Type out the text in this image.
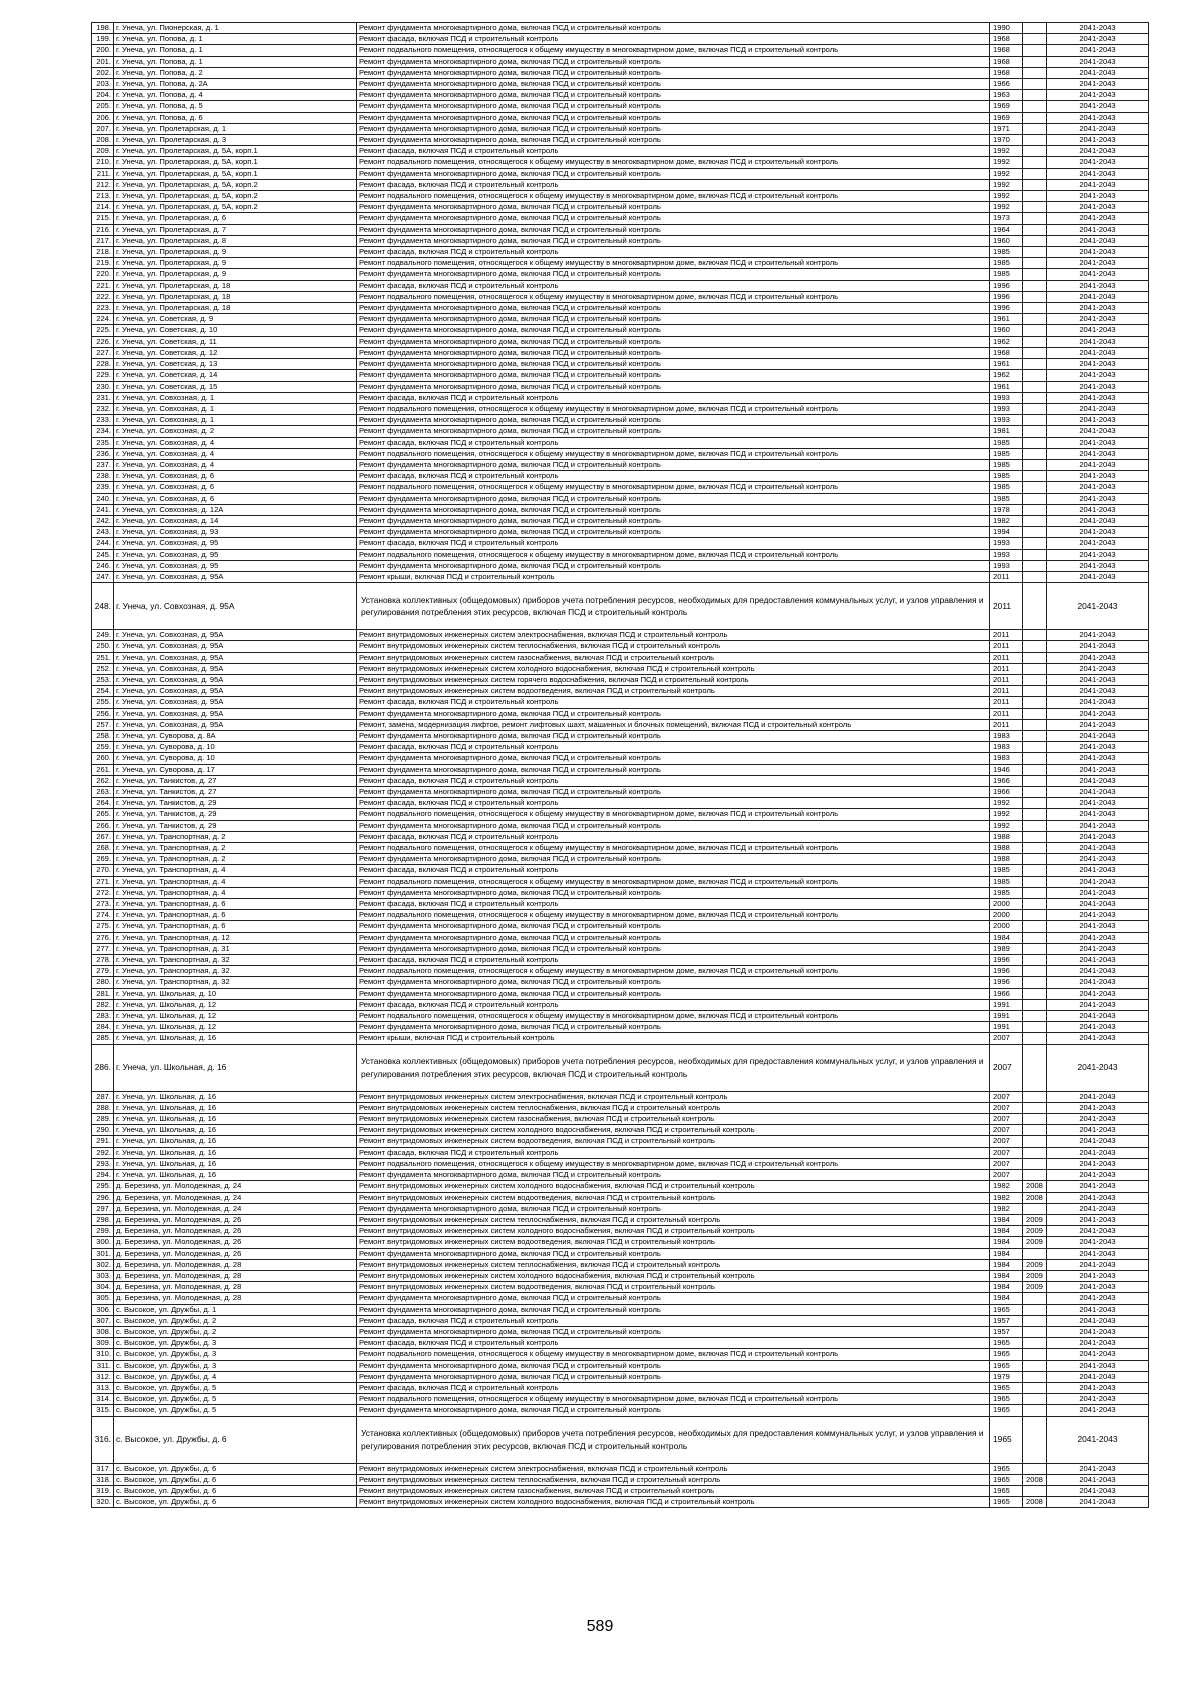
198.	г. Унеча, ул. Пионерская, д. 1	Ремонт фундамента многоквартирного дома, включая ПСД и строительный контроль	1990		2041-2043
199.	г. Унеча, ул. Попова, д. 1	Ремонт фасада, включая ПСД и строительный контроль	1968		2041-2043
200.	г. Унеча, ул. Попова, д. 1	Ремонт подвального помещения, относящегося к общему имуществу в многоквартирном доме, включая ПСД и строительный контроль	1968		2041-2043
201.	г. Унеча, ул. Попова, д. 1	Ремонт фундамента многоквартирного дома, включая ПСД и строительный контроль	1968		2041-2043
202.	г. Унеча, ул. Попова, д. 2	Ремонт фундамента многоквартирного дома, включая ПСД и строительный контроль	1968		2041-2043
203.	г. Унеча, ул. Попова, д. 2А	Ремонт фундамента многоквартирного дома, включая ПСД и строительный контроль	1966		2041-2043
204.	г. Унеча, ул. Попова, д. 4	Ремонт фундамента многоквартирного дома, включая ПСД и строительный контроль	1963		2041-2043
205.	г. Унеча, ул. Попова, д. 5	Ремонт фундамента многоквартирного дома, включая ПСД и строительный контроль	1969		2041-2043
206.	г. Унеча, ул. Попова, д. 6	Ремонт фундамента многоквартирного дома, включая ПСД и строительный контроль	1969		2041-2043
207.	г. Унеча, ул. Пролетарская, д. 1	Ремонт фундамента многоквартирного дома, включая ПСД и строительный контроль	1971		2041-2043
208.	г. Унеча, ул. Пролетарская, д. 3	Ремонт фундамента многоквартирного дома, включая ПСД и строительный контроль	1970		2041-2043
209.	г. Унеча, ул. Пролетарская, д. 5А, корп.1	Ремонт фасада, включая ПСД и строительный контроль	1992		2041-2043
210.	г. Унеча, ул. Пролетарская, д. 5А, корп.1	Ремонт подвального помещения, относящегося к общему имуществу в многоквартирном доме, включая ПСД и строительный контроль	1992		2041-2043
211.	г. Унеча, ул. Пролетарская, д. 5А, корп.1	Ремонт фундамента многоквартирного дома, включая ПСД и строительный контроль	1992		2041-2043
212.	г. Унеча, ул. Пролетарская, д. 5А, корп.2	Ремонт фасада, включая ПСД и строительный контроль	1992		2041-2043
213.	г. Унеча, ул. Пролетарская, д. 5А, корп.2	Ремонт подвального помещения, относящегося к общему имуществу в многоквартирном доме, включая ПСД и строительный контроль	1992		2041-2043
214.	г. Унеча, ул. Пролетарская, д. 5А, корп.2	Ремонт фундамента многоквартирного дома, включая ПСД и строительный контроль	1992		2041-2043
215.	г. Унеча, ул. Пролетарская, д. 6	Ремонт фундамента многоквартирного дома, включая ПСД и строительный контроль	1973		2041-2043
216.	г. Унеча, ул. Пролетарская, д. 7	Ремонт фундамента многоквартирного дома, включая ПСД и строительный контроль	1964		2041-2043
217.	г. Унеча, ул. Пролетарская, д. 8	Ремонт фундамента многоквартирного дома, включая ПСД и строительный контроль	1960		2041-2043
218.	г. Унеча, ул. Пролетарская, д. 9	Ремонт фасада, включая ПСД и строительный контроль	1985		2041-2043
219.	г. Унеча, ул. Пролетарская, д. 9	Ремонт подвального помещения, относящегося к общему имуществу в многоквартирном доме, включая ПСД и строительный контроль	1985		2041-2043
220.	г. Унеча, ул. Пролетарская, д. 9	Ремонт фундамента многоквартирного дома, включая ПСД и строительный контроль	1985		2041-2043
221.	г. Унеча, ул. Пролетарская, д. 18	Ремонт фасада, включая ПСД и строительный контроль	1996		2041-2043
222.	г. Унеча, ул. Пролетарская, д. 18	Ремонт подвального помещения, относящегося к общему имуществу в многоквартирном доме, включая ПСД и строительный контроль	1996		2041-2043
223.	г. Унеча, ул. Пролетарская, д. 18	Ремонт фундамента многоквартирного дома, включая ПСД и строительный контроль	1996		2041-2043
224.	г. Унеча, ул. Советская, д. 9	Ремонт фундамента многоквартирного дома, включая ПСД и строительный контроль	1961		2041-2043
225.	г. Унеча, ул. Советская, д. 10	Ремонт фундамента многоквартирного дома, включая ПСД и строительный контроль	1960		2041-2043
226.	г. Унеча, ул. Советская, д. 11	Ремонт фундамента многоквартирного дома, включая ПСД и строительный контроль	1962		2041-2043
227.	г. Унеча, ул. Советская, д. 12	Ремонт фундамента многоквартирного дома, включая ПСД и строительный контроль	1968		2041-2043
228.	г. Унеча, ул. Советская, д. 13	Ремонт фундамента многоквартирного дома, включая ПСД и строительный контроль	1961		2041-2043
229.	г. Унеча, ул. Советская, д. 14	Ремонт фундамента многоквартирного дома, включая ПСД и строительный контроль	1962		2041-2043
230.	г. Унеча, ул. Советская, д. 15	Ремонт фундамента многоквартирного дома, включая ПСД и строительный контроль	1961		2041-2043
231.	г. Унеча, ул. Совхозная, д. 1	Ремонт фасада, включая ПСД и строительный контроль	1993		2041-2043
232.	г. Унеча, ул. Совхозная, д. 1	Ремонт подвального помещения, относящегося к общему имуществу в многоквартирном доме, включая ПСД и строительный контроль	1993		2041-2043
233.	г. Унеча, ул. Совхозная, д. 1	Ремонт фундамента многоквартирного дома, включая ПСД и строительный контроль	1993		2041-2043
234.	г. Унеча, ул. Совхозная, д. 2	Ремонт фундамента многоквартирного дома, включая ПСД и строительный контроль	1981		2041-2043
235.	г. Унеча, ул. Совхозная, д. 4	Ремонт фасада, включая ПСД и строительный контроль	1985		2041-2043
236.	г. Унеча, ул. Совхозная, д. 4	Ремонт подвального помещения, относящегося к общему имуществу в многоквартирном доме, включая ПСД и строительный контроль	1985		2041-2043
237.	г. Унеча, ул. Совхозная, д. 4	Ремонт фундамента многоквартирного дома, включая ПСД и строительный контроль	1985		2041-2043
238.	г. Унеча, ул. Совхозная, д. 6	Ремонт фасада, включая ПСД и строительный контроль	1985		2041-2043
239.	г. Унеча, ул. Совхозная, д. 6	Ремонт подвального помещения, относящегося к общему имуществу в многоквартирном доме, включая ПСД и строительный контроль	1985		2041-2043
240.	г. Унеча, ул. Совхозная, д. 6	Ремонт фундамента многоквартирного дома, включая ПСД и строительный контроль	1985		2041-2043
241.	г. Унеча, ул. Совхозная, д. 12А	Ремонт фундамента многоквартирного дома, включая ПСД и строительный контроль	1978		2041-2043
242.	г. Унеча, ул. Совхозная, д. 14	Ремонт фундамента многоквартирного дома, включая ПСД и строительный контроль	1982		2041-2043
243.	г. Унеча, ул. Совхозная, д. 93	Ремонт фундамента многоквартирного дома, включая ПСД и строительный контроль	1994		2041-2043
244.	г. Унеча, ул. Совхозная, д. 95	Ремонт фасада, включая ПСД и строительный контроль	1993		2041-2043
245.	г. Унеча, ул. Совхозная, д. 95	Ремонт подвального помещения, относящегося к общему имуществу в многоквартирном доме, включая ПСД и строительный контроль	1993		2041-2043
246.	г. Унеча, ул. Совхозная, д. 95	Ремонт фундамента многоквартирного дома, включая ПСД и строительный контроль	1993		2041-2043
247.	г. Унеча, ул. Совхозная, д. 95А	Ремонт крыши, включая ПСД и строительный контроль	2011		2041-2043
248.	г. Унеча, ул. Совхозная, д. 95А	Установка коллективных (общедомовых) приборов учета потребления ресурсов, необходимых для предоставления коммунальных услуг, и узлов управления и регулирования потребления этих ресурсов, включая ПСД и строительный контроль	2011		2041-2043
249.	г. Унеча, ул. Совхозная, д. 95А	Ремонт внутридомовых инженерных систем электроснабжения, включая ПСД и строительный контроль	2011		2041-2043
250.	г. Унеча, ул. Совхозная, д. 95А	Ремонт внутридомовых инженерных систем теплоснабжения, включая ПСД и строительный контроль	2011		2041-2043
251.	г. Унеча, ул. Совхозная, д. 95А	Ремонт внутридомовых инженерных систем газоснабжения, включая ПСД и строительный контроль	2011		2041-2043
252.	г. Унеча, ул. Совхозная, д. 95А	Ремонт внутридомовых инженерных систем холодного водоснабжения, включая ПСД и строительный контроль	2011		2041-2043
253.	г. Унеча, ул. Совхозная, д. 95А	Ремонт внутридомовых инженерных систем горячего водоснабжения, включая ПСД и строительный контроль	2011		2041-2043
254.	г. Унеча, ул. Совхозная, д. 95А	Ремонт внутридомовых инженерных систем водоотведения, включая ПСД и строительный контроль	2011		2041-2043
255.	г. Унеча, ул. Совхозная, д. 95А	Ремонт фасада, включая ПСД и строительный контроль	2011		2041-2043
256.	г. Унеча, ул. Совхозная, д. 95А	Ремонт фундамента многоквартирного дома, включая ПСД и строительный контроль	2011		2041-2043
257.	г. Унеча, ул. Совхозная, д. 95А	Ремонт, замена, модернизация лифтов, ремонт лифтовых шахт, машинных и блочных помещений, включая ПСД и строительный контроль	2011		2041-2043
258.	г. Унеча, ул. Суворова, д. 8А	Ремонт фундамента многоквартирного дома, включая ПСД и строительный контроль	1983		2041-2043
259.	г. Унеча, ул. Суворова, д. 10	Ремонт фасада, включая ПСД и строительный контроль	1983		2041-2043
260.	г. Унеча, ул. Суворова, д. 10	Ремонт фундамента многоквартирного дома, включая ПСД и строительный контроль	1983		2041-2043
261.	г. Унеча, ул. Суворова, д. 17	Ремонт фундамента многоквартирного дома, включая ПСД и строительный контроль	1946		2041-2043
262.	г. Унеча, ул. Танкистов, д. 27	Ремонт фасада, включая ПСД и строительный контроль	1966		2041-2043
263.	г. Унеча, ул. Танкистов, д. 27	Ремонт фундамента многоквартирного дома, включая ПСД и строительный контроль	1966		2041-2043
264.	г. Унеча, ул. Танкистов, д. 29	Ремонт фасада, включая ПСД и строительный контроль	1992		2041-2043
265.	г. Унеча, ул. Танкистов, д. 29	Ремонт подвального помещения, относящегося к общему имуществу в многоквартирном доме, включая ПСД и строительный контроль	1992		2041-2043
266.	г. Унеча, ул. Танкистов, д. 29	Ремонт фундамента многоквартирного дома, включая ПСД и строительный контроль	1992		2041-2043
267.	г. Унеча, ул. Транспортная, д. 2	Ремонт фасада, включая ПСД и строительный контроль	1988		2041-2043
268.	г. Унеча, ул. Транспортная, д. 2	Ремонт подвального помещения, относящегося к общему имуществу в многоквартирном доме, включая ПСД и строительный контроль	1988		2041-2043
269.	г. Унеча, ул. Транспортная, д. 2	Ремонт фундамента многоквартирного дома, включая ПСД и строительный контроль	1988		2041-2043
270.	г. Унеча, ул. Транспортная, д. 4	Ремонт фасада, включая ПСД и строительный контроль	1985		2041-2043
271.	г. Унеча, ул. Транспортная, д. 4	Ремонт подвального помещения, относящегося к общему имуществу в многоквартирном доме, включая ПСД и строительный контроль	1985		2041-2043
272.	г. Унеча, ул. Транспортная, д. 4	Ремонт фундамента многоквартирного дома, включая ПСД и строительный контроль	1985		2041-2043
273.	г. Унеча, ул. Транспортная, д. 6	Ремонт фасада, включая ПСД и строительный контроль	2000		2041-2043
274.	г. Унеча, ул. Транспортная, д. 6	Ремонт подвального помещения, относящегося к общему имуществу в многоквартирном доме, включая ПСД и строительный контроль	2000		2041-2043
275.	г. Унеча, ул. Транспортная, д. 6	Ремонт фундамента многоквартирного дома, включая ПСД и строительный контроль	2000		2041-2043
276.	г. Унеча, ул. Транспортная, д. 12	Ремонт фундамента многоквартирного дома, включая ПСД и строительный контроль	1984		2041-2043
277.	г. Унеча, ул. Транспортная, д. 31	Ремонт фундамента многоквартирного дома, включая ПСД и строительный контроль	1989		2041-2043
278.	г. Унеча, ул. Транспортная, д. 32	Ремонт фасада, включая ПСД и строительный контроль	1996		2041-2043
279.	г. Унеча, ул. Транспортная, д. 32	Ремонт подвального помещения, относящегося к общему имуществу в многоквартирном доме, включая ПСД и строительный контроль	1996		2041-2043
280.	г. Унеча, ул. Транспортная, д. 32	Ремонт фундамента многоквартирного дома, включая ПСД и строительный контроль	1996		2041-2043
281.	г. Унеча, ул. Школьная, д. 10	Ремонт фундамента многоквартирного дома, включая ПСД и строительный контроль	1966		2041-2043
282.	г. Унеча, ул. Школьная, д. 12	Ремонт фасада, включая ПСД и строительный контроль	1991		2041-2043
283.	г. Унеча, ул. Школьная, д. 12	Ремонт подвального помещения, относящегося к общему имуществу в многоквартирном доме, включая ПСД и строительный контроль	1991		2041-2043
284.	г. Унеча, ул. Школьная, д. 12	Ремонт фундамента многоквартирного дома, включая ПСД и строительный контроль	1991		2041-2043
285.	г. Унеча, ул. Школьная, д. 16	Ремонт крыши, включая ПСД и строительный контроль	2007		2041-2043
286.	г. Унеча, ул. Школьная, д. 16	Установка коллективных (общедомовых) приборов учета потребления ресурсов, необходимых для предоставления коммунальных услуг, и узлов управления и регулирования потребления этих ресурсов, включая ПСД и строительный контроль	2007		2041-2043
287.	г. Унеча, ул. Школьная, д. 16	Ремонт внутридомовых инженерных систем электроснабжения, включая ПСД и строительный контроль	2007		2041-2043
288.	г. Унеча, ул. Школьная, д. 16	Ремонт внутридомовых инженерных систем теплоснабжения, включая ПСД и строительный контроль	2007		2041-2043
289.	г. Унеча, ул. Школьная, д. 16	Ремонт внутридомовых инженерных систем газоснабжения, включая ПСД и строительный контроль	2007		2041-2043
290.	г. Унеча, ул. Школьная, д. 16	Ремонт внутридомовых инженерных систем холодного водоснабжения, включая ПСД и строительный контроль	2007		2041-2043
291.	г. Унеча, ул. Школьная, д. 16	Ремонт внутридомовых инженерных систем водоотведения, включая ПСД и строительный контроль	2007		2041-2043
292.	г. Унеча, ул. Школьная, д. 16	Ремонт фасада, включая ПСД и строительный контроль	2007		2041-2043
293.	г. Унеча, ул. Школьная, д. 16	Ремонт подвального помещения, относящегося к общему имуществу в многоквартирном доме, включая ПСД и строительный контроль	2007		2041-2043
294.	г. Унеча, ул. Школьная, д. 16	Ремонт фундамента многоквартирного дома, включая ПСД и строительный контроль	2007		2041-2043
295.	д. Березина, ул. Молодежная, д. 24	Ремонт внутридомовых инженерных систем холодного водоснабжения, включая ПСД и строительный контроль	1982	2008	2041-2043
296.	д. Березина, ул. Молодежная, д. 24	Ремонт внутридомовых инженерных систем водоотведения, включая ПСД и строительный контроль	1982	2008	2041-2043
297.	д. Березина, ул. Молодежная, д. 24	Ремонт фундамента многоквартирного дома, включая ПСД и строительный контроль	1982		2041-2043
298.	д. Березина, ул. Молодежная, д. 26	Ремонт внутридомовых инженерных систем теплоснабжения, включая ПСД и строительный контроль	1984	2009	2041-2043
299.	д. Березина, ул. Молодежная, д. 26	Ремонт внутридомовых инженерных систем холодного водоснабжения, включая ПСД и строительный контроль	1984	2009	2041-2043
300.	д. Березина, ул. Молодежная, д. 26	Ремонт внутридомовых инженерных систем водоотведения, включая ПСД и строительный контроль	1984	2009	2041-2043
301.	д. Березина, ул. Молодежная, д. 26	Ремонт фундамента многоквартирного дома, включая ПСД и строительный контроль	1984		2041-2043
302.	д. Березина, ул. Молодежная, д. 28	Ремонт внутридомовых инженерных систем теплоснабжения, включая ПСД и строительный контроль	1984	2009	2041-2043
303.	д. Березина, ул. Молодежная, д. 28	Ремонт внутридомовых инженерных систем холодного водоснабжения, включая ПСД и строительный контроль	1984	2009	2041-2043
304.	д. Березина, ул. Молодежная, д. 28	Ремонт внутридомовых инженерных систем водоотведения, включая ПСД и строительный контроль	1984	2009	2041-2043
305.	д. Березина, ул. Молодежная, д. 28	Ремонт фундамента многоквартирного дома, включая ПСД и строительный контроль	1984		2041-2043
306.	с. Высокое, ул. Дружбы, д. 1	Ремонт фундамента многоквартирного дома, включая ПСД и строительный контроль	1965		2041-2043
307.	с. Высокое, ул. Дружбы, д. 2	Ремонт фасада, включая ПСД и строительный контроль	1957		2041-2043
308.	с. Высокое, ул. Дружбы, д. 2	Ремонт фундамента многоквартирного дома, включая ПСД и строительный контроль	1957		2041-2043
309.	с. Высокое, ул. Дружбы, д. 3	Ремонт фасада, включая ПСД и строительный контроль	1965		2041-2043
310.	с. Высокое, ул. Дружбы, д. 3	Ремонт подвального помещения, относящегося к общему имуществу в многоквартирном доме, включая ПСД и строительный контроль	1965		2041-2043
311.	с. Высокое, ул. Дружбы, д. 3	Ремонт фундамента многоквартирного дома, включая ПСД и строительный контроль	1965		2041-2043
312.	с. Высокое, ул. Дружбы, д. 4	Ремонт фундамента многоквартирного дома, включая ПСД и строительный контроль	1979		2041-2043
313.	с. Высокое, ул. Дружбы, д. 5	Ремонт фасада, включая ПСД и строительный контроль	1965		2041-2043
314.	с. Высокое, ул. Дружбы, д. 5	Ремонт подвального помещения, относящегося к общему имуществу в многоквартирном доме, включая ПСД и строительный контроль	1965		2041-2043
315.	с. Высокое, ул. Дружбы, д. 5	Ремонт фундамента многоквартирного дома, включая ПСД и строительный контроль	1965		2041-2043
316.	с. Высокое, ул. Дружбы, д. 6	Установка коллективных (общедомовых) приборов учета потребления ресурсов, необходимых для предоставления коммунальных услуг, и узлов управления и регулирования потребления этих ресурсов, включая ПСД и строительный контроль	1965		2041-2043
317.	с. Высокое, ул. Дружбы, д. 6	Ремонт внутридомовых инженерных систем электроснабжения, включая ПСД и строительный контроль	1965		2041-2043
318.	с. Высокое, ул. Дружбы, д. 6	Ремонт внутридомовых инженерных систем теплоснабжения, включая ПСД и строительный контроль	1965	2008	2041-2043
319.	с. Высокое, ул. Дружбы, д. 6	Ремонт внутридомовых инженерных систем газоснабжения, включая ПСД и строительный контроль	1965		2041-2043
320.	с. Высокое, ул. Дружбы, д. 6	Ремонт внутридомовых инженерных систем холодного водоснабжения, включая ПСД и строительный контроль	1965	2008	2041-2043
589
